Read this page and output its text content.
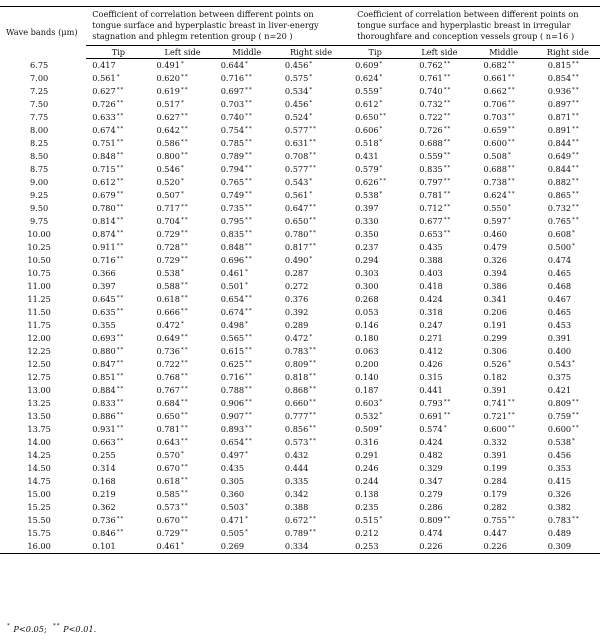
Wave bands (μm)	Coefficient of correlation between different points on tongue surface and hyperplastic breast in liver-energy stagnation and phlegm retention group ( n=20 )				Coefficient of correlation between different points on tongue surface and hyperplastic breast in irregular thoroughfare and conception vessels group ( n=16 )			
	Tip	Left side	Middle	Right side	Tip	Left side	Middle	Right side
6.75	0.417	0.491*	0.644*	0.456*	0.609*	0.762**	0.682**	0.815**
7.00	0.561*	0.620**	0.716**	0.575*	0.624*	0.761**	0.661**	0.854**
7.25	0.627**	0.619**	0.697**	0.534*	0.559*	0.740**	0.662**	0.936**
7.50	0.726**	0.517*	0.703**	0.456*	0.612*	0.732**	0.706**	0.897**
7.75	0.633**	0.627**	0.740**	0.524*	0.650**	0.722**	0.703**	0.871**
8.00	0.674**	0.642**	0.754**	0.577**	0.606*	0.726**	0.659**	0.891**
8.25	0.751**	0.586**	0.785**	0.631**	0.518*	0.688**	0.600**	0.844**
8.50	0.848**	0.800**	0.789**	0.708**	0.431	0.559**	0.508*	0.649**
8.75	0.715**	0.546*	0.794**	0.577**	0.579*	0.835**	0.688**	0.844**
9.00	0.612**	0.520*	0.765**	0.543*	0.626**	0.797**	0.738**	0.882**
9.25	0.679**	0.507*	0.749**	0.561*	0.538*	0.781**	0.624**	0.865**
9.50	0.780**	0.717**	0.735**	0.647**	0.397	0.712**	0.550*	0.732**
9.75	0.814**	0.704**	0.795**	0.650**	0.330	0.677**	0.597*	0.765**
10.00	0.874**	0.729**	0.835**	0.780**	0.350	0.653**	0.460	0.608*
10.25	0.911**	0.728**	0.848**	0.817**	0.237	0.435	0.479	0.500*
10.50	0.716**	0.729**	0.696**	0.490*	0.294	0.388	0.326	0.474
10.75	0.366	0.538*	0.461*	0.287	0.303	0.403	0.394	0.465
11.00	0.397	0.588**	0.501*	0.272	0.300	0.418	0.386	0.468
11.25	0.645**	0.618**	0.654**	0.376	0.268	0.424	0.341	0.467
11.50	0.635**	0.666**	0.674**	0.392	0.053	0.318	0.206	0.465
11.75	0.355	0.472*	0.498*	0.289	0.146	0.247	0.191	0.453
12.00	0.693**	0.649**	0.565**	0.472*	0.180	0.271	0.299	0.391
12.25	0.880**	0.736**	0.615**	0.783**	0.063	0.412	0.306	0.400
12.50	0.847**	0.722**	0.625**	0.809**	0.200	0.426	0.526*	0.543*
12.75	0.851**	0.768**	0.716**	0.818**	0.140	0.315	0.182	0.375
13.00	0.884**	0.767**	0.788**	0.868**	0.187	0.441	0.391	0.421
13.25	0.833**	0.684**	0.906**	0.660**	0.603*	0.793**	0.741**	0.809**
13.50	0.886**	0.650**	0.907**	0.777**	0.532*	0.691**	0.721**	0.759**
13.75	0.931**	0.781**	0.893**	0.856**	0.509*	0.574*	0.600**	0.600**
14.00	0.663**	0.643**	0.654**	0.573**	0.316	0.424	0.332	0.538*
14.25	0.255	0.570*	0.497*	0.432	0.291	0.482	0.391	0.456
14.50	0.314	0.670**	0.435	0.444	0.246	0.329	0.199	0.353
14.75	0.168	0.618**	0.305	0.335	0.244	0.347	0.284	0.415
15.00	0.219	0.585**	0.360	0.342	0.138	0.279	0.179	0.326
15.25	0.362	0.573**	0.503*	0.388	0.235	0.286	0.282	0.382
15.50	0.736**	0.670**	0.471*	0.672**	0.515*	0.809**	0.755**	0.783**
15.75	0.846**	0.729**	0.505*	0.789**	0.212	0.474	0.447	0.489
16.00	0.101	0.461*	0.269	0.334	0.253	0.226	0.226	0.309
* P<0.05; ** P<0.01.
